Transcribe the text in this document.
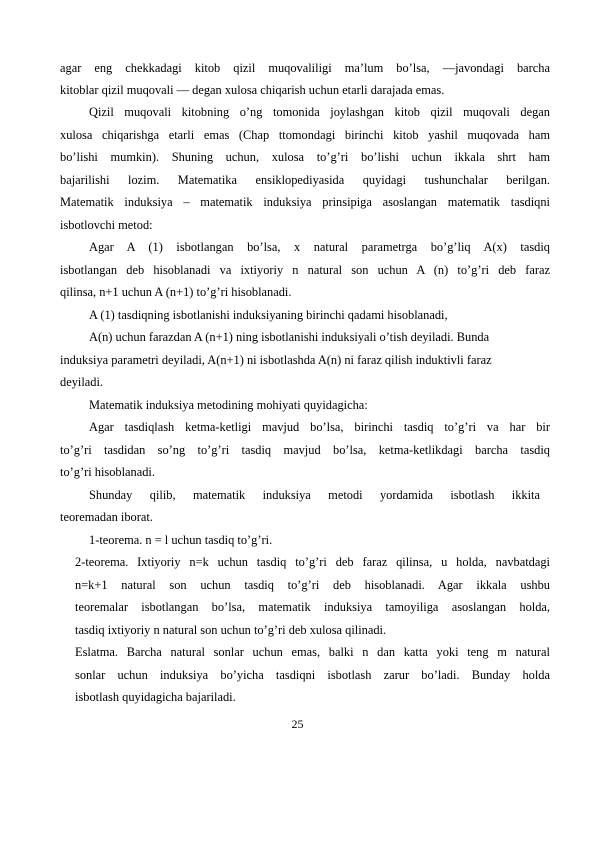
agar eng chekkadagi kitob qizil muqovaliligi ma’lum bo’lsa, —javondagi barcha
kitoblar qizil muqovali — degan xulosa chiqarish uchun etarli darajada emas.
Qizil muqovali kitobning o’ng tomonida joylashgan kitob qizil muqovali degan
xulosa chiqarishga etarli emas (Chap ttomondagi birinchi kitob yashil muqovada ham
bo’lishi mumkin). Shuning uchun, xulosa to’g’ri bo’lishi uchun ikkala shrt ham
bajarilishi lozim. Matematika ensiklopediyasida quyidagi tushunchalar berilgan.
Matematik induksiya – matematik induksiya prinsipiga asoslangan matematik tasdiqni
isbotlovchi metod:
Agar A (1) isbotlangan bo’lsa, x natural parametrga bo’g’liq A(x) tasdiq
isbotlangan deb hisoblanadi va ixtiyoriy n natural son uchun A (n) to’g’ri deb faraz
qilinsa, n+1 uchun A (n+1) to’g’ri hisoblanadi.
A (1) tasdiqning isbotlanishi induksiyaning birinchi qadami hisoblanadi,
A(n) uchun farazdan A (n+1) ning isbotlanishi induksiyali o’tish deyiladi. Bunda
induksiya parametri deyiladi, A(n+1) ni isbotlashda A(n) ni faraz qilish induktivli faraz
deyiladi.
Matematik induksiya metodining mohiyati quyidagicha:
Agar tasdiqlash ketma-ketligi mavjud bo’lsa, birinchi tasdiq to’g’ri va har bir
to’g’ri tasdidan so’ng to’g’ri tasdiq mavjud bo’lsa, ketma-ketlikdagi barcha tasdiq
to’g’ri hisoblanadi.
Shunday qilib, matematik induksiya metodi yordamida isbotlash ikkita
teoremadan iborat.
1-teorema. n = l uchun tasdiq to’g’ri.
2-teorema. Ixtiyoriy n=k uchun tasdiq to’g’ri deb faraz qilinsa, u holda, navbatdagi
n=k+1 natural son uchun tasdiq to’g’ri deb hisoblanadi. Agar ikkala ushbu
teoremalar isbotlangan bo’lsa, matematik induksiya tamoyiliga asoslangan holda,
tasdiq ixtiyoriy n natural son uchun to’g’ri deb xulosa qilinadi.
Eslatma. Barcha natural sonlar uchun emas, balki n dan katta yoki teng m natural
sonlar uchun induksiya bo’yicha tasdiqni isbotlash zarur bo’ladi. Bunday holda
isbotlash quyidagicha bajariladi.
25
